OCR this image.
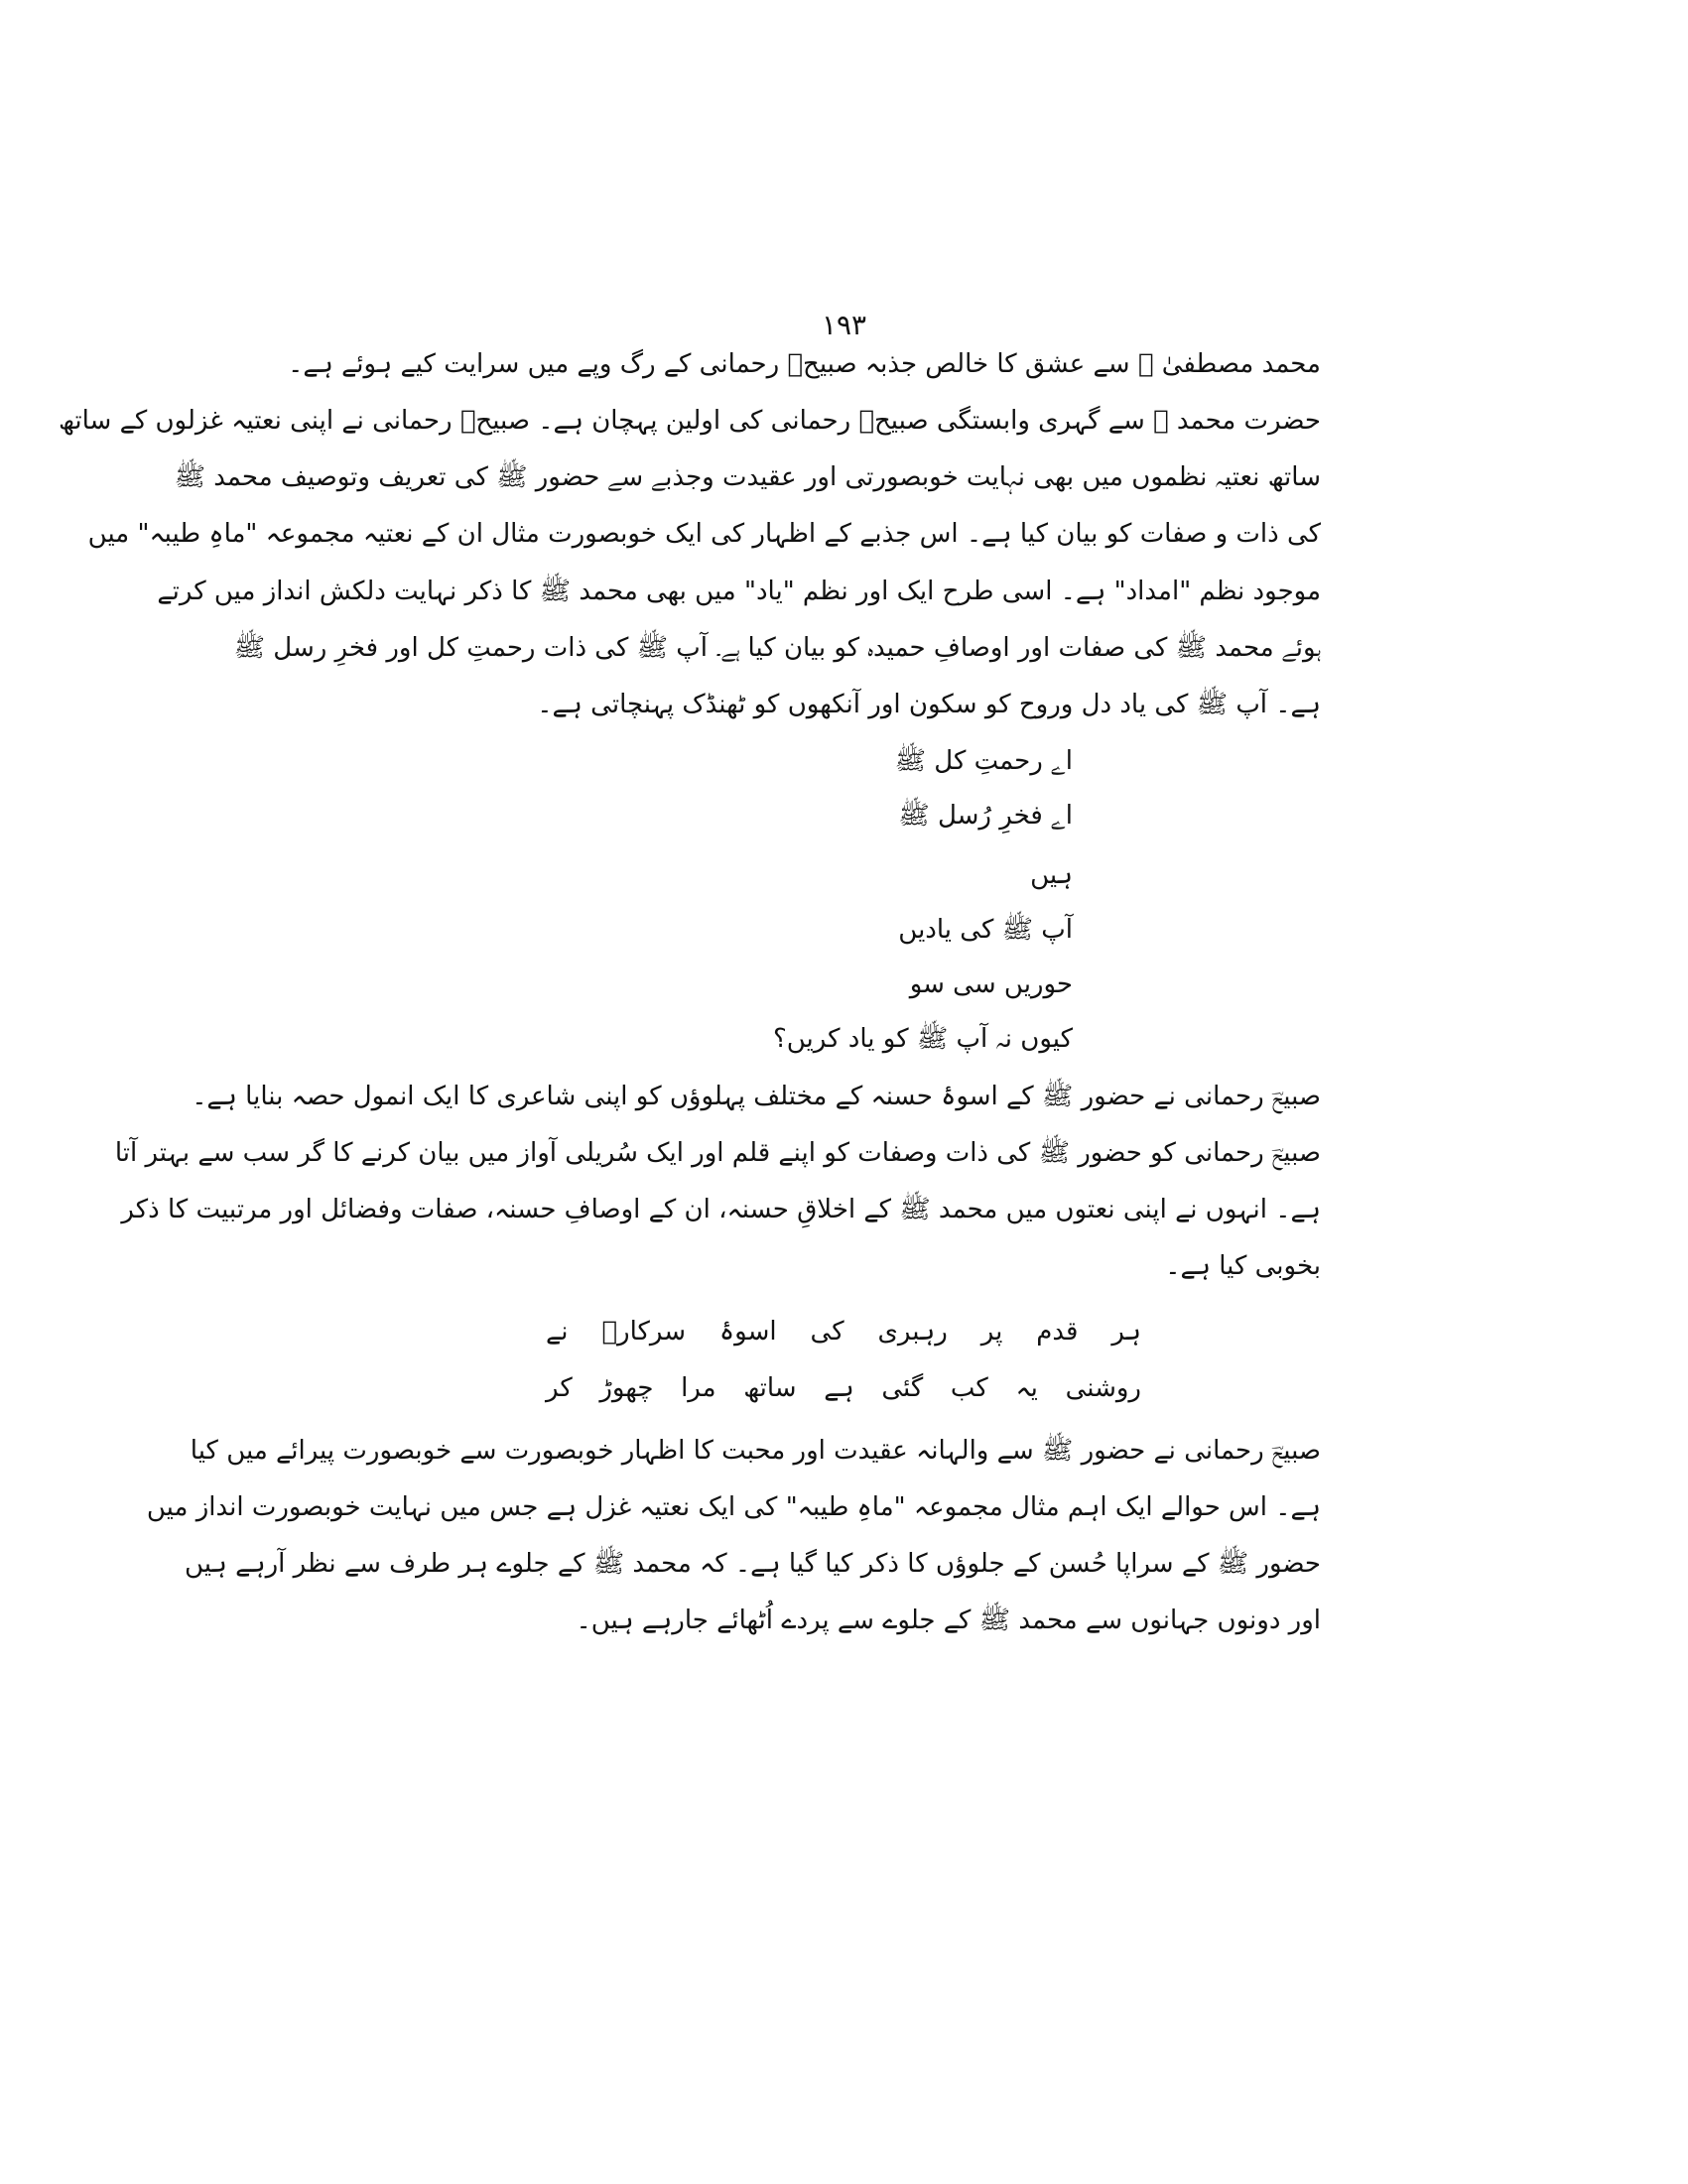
۱۹۳
محمد مصطفیٰ ﷺ سے عشق کا خالص جذبہ صبیحؔ رحمانی کے رگ وپے میں سرایت کیے ہوئے ہے۔
حضرت محمد ﷺ سے گہری وابستگی صبیحؔ رحمانی کی اولین پہچان ہے۔ صبیحؔ رحمانی نے اپنی نعتیہ غزلوں کے ساتھ
ساتھ نعتیہ نظموں میں بھی نہایت خوبصورتی اور عقیدت وجذبے سے حضور ﷺ کی تعریف وتوصیف محمد ﷺ
کی ذات و صفات کو بیان کیا ہے۔ اس جذبے کے اظہار کی ایک خوبصورت مثال ان کے نعتیہ مجموعہ "ماہِ طیبہ" میں
موجود نظم "امداد" ہے۔ اسی طرح ایک اور نظم "یاد" میں بھی محمد ﷺ کا ذکر نہایت دلکش انداز میں کرتے
ہوئے محمد ﷺ کی صفات اور اوصافِ حمیدہ کو بیان کیا ہے۔ آپ ﷺ کی ذات رحمتِ کل اور فخرِ رسل ﷺ
ہے۔ آپ ﷺ کی یاد دل وروح کو سکون اور آنکھوں کو ٹھنڈک پہنچاتی ہے۔
اے رحمتِ کل ﷺ
اے فخرِ رُسل ﷺ
ہیں
آپ ﷺ کی یادیں
حوریں سی سو
کیوں نہ آپ ﷺ کو یاد کریں؟
صبیحؔ رحمانی نے حضور ﷺ کے اسوۂ حسنہ کے مختلف پہلوؤں کو اپنی شاعری کا ایک انمول حصہ بنایا ہے۔
صبیحؔ رحمانی کو حضور ﷺ کی ذات وصفات کو اپنے قلم اور ایک سُریلی آواز میں بیان کرنے کا گر سب سے بہتر آتا
ہے۔ انہوں نے اپنی نعتوں میں محمد ﷺ کے اخلاقِ حسنہ، ان کے اوصافِ حسنہ، صفات وفضائل اور مرتبیت کا ذکر
بخوبی کیا ہے۔
ہر قدم پر رہبری کی اسوۂ سرکارؐ نے
روشنی یہ کب گئی ہے ساتھ مرا چھوڑ کر
صبیحؔ رحمانی نے حضور ﷺ سے والہانہ عقیدت اور محبت کا اظہار خوبصورت سے خوبصورت پیرائے میں کیا
ہے۔ اس حوالے ایک اہم مثال مجموعہ "ماہِ طیبہ" کی ایک نعتیہ غزل ہے جس میں نہایت خوبصورت انداز میں
حضور ﷺ کے سراپا حُسن کے جلوؤں کا ذکر کیا گیا ہے۔ کہ محمد ﷺ کے جلوے ہر طرف سے نظر آرہے ہیں
اور دونوں جہانوں سے محمد ﷺ کے جلوے سے پردے اُٹھائے جارہے ہیں۔
